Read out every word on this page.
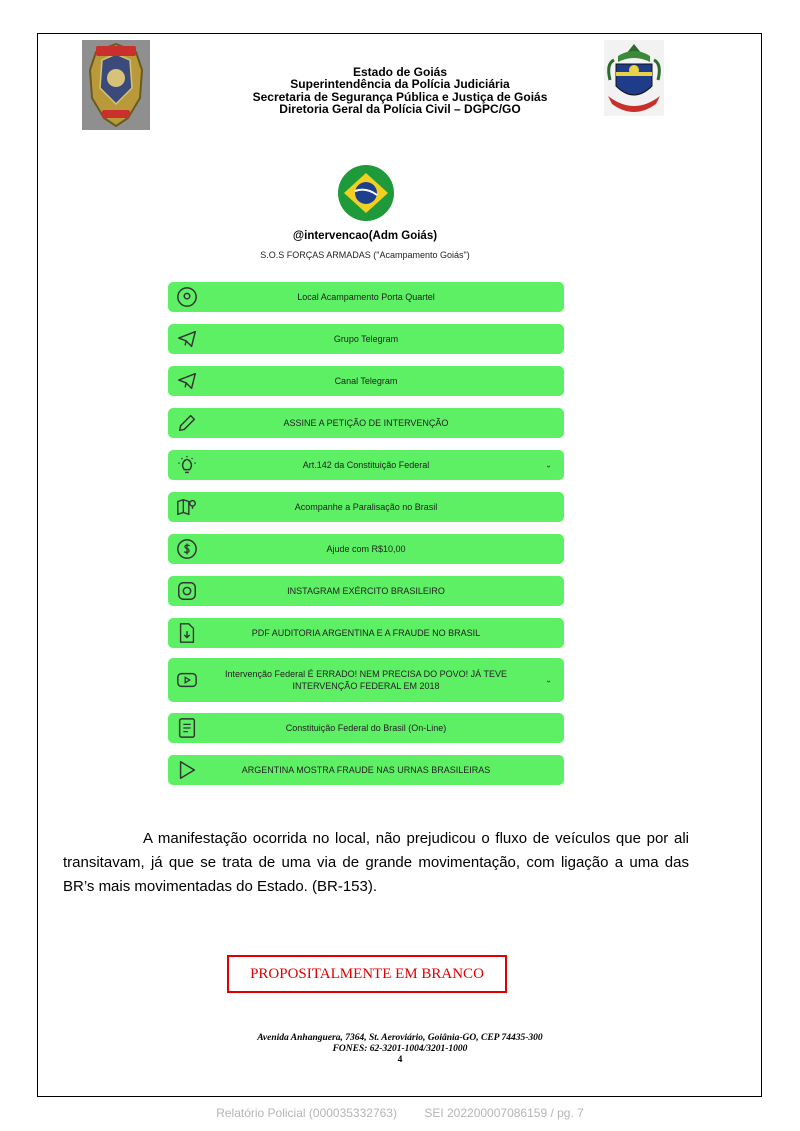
Estado de Goiás
Superintendência da Polícia Judiciária
Secretaria de Segurança Pública e Justiça de Goiás
Diretoria Geral da Polícia Civil – DGPC/GO
@intervencao(Adm Goiás)
S.O.S FORÇAS ARMADAS ("Acampamento Goiás")
Local Acampamento Porta Quartel
Grupo Telegram
Canal Telegram
ASSINE A PETIÇÃO DE INTERVENÇÃO
Art.142 da Constituição Federal	⌄
Acompanhe a Paralisação no Brasil
Ajude com R$10,00
INSTAGRAM EXÉRCITO BRASILEIRO
PDF AUDITORIA ARGENTINA E A FRAUDE NO BRASIL
Intervenção Federal É ERRADO! NEM PRECISA DO POVO! JÁ TEVE INTERVENÇÃO FEDERAL EM 2018
⌄
Constituição Federal do Brasil (On-Line)
ARGENTINA MOSTRA FRAUDE NAS URNAS BRASILEIRAS
A manifestação ocorrida no local, não prejudicou o fluxo de veículos que por ali transitavam, já que se trata de uma via de grande movimentação, com ligação a uma das BR’s mais movimentadas do Estado. (BR-153).
PROPOSITALMENTE EM BRANCO
Avenida Anhanguera, 7364, St. Aeroviário, Goiânia-GO, CEP 74435-300
FONES: 62-3201-1004/3201-1000
4
Relatório Policial (000035332763) SEI 202200007086159 / pg. 7
